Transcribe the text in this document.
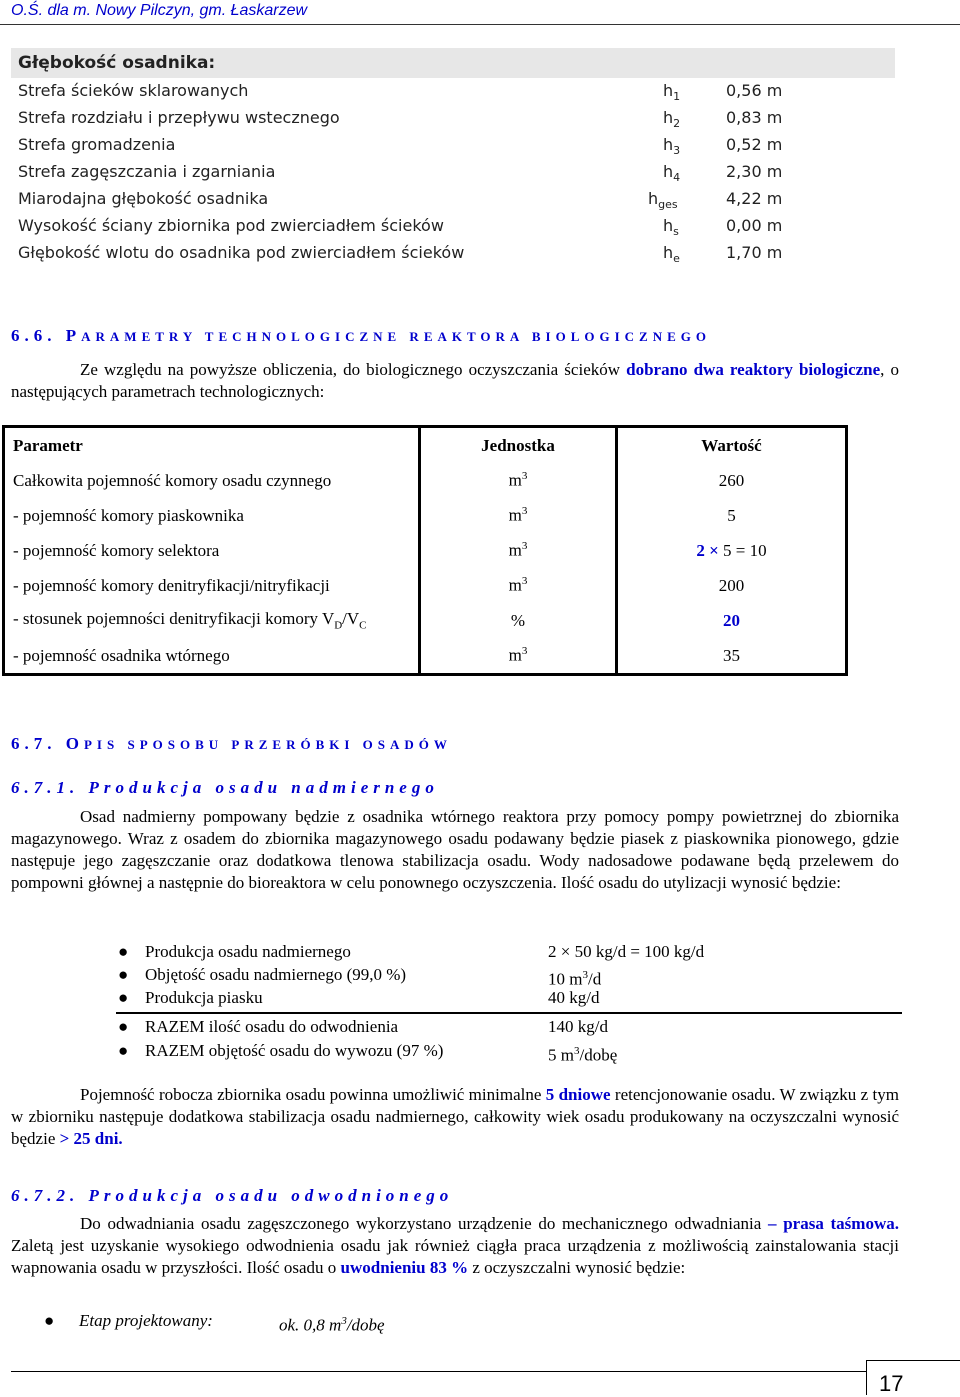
O.Ś. dla m. Nowy Pilczyn, gm. Łaskarzew
Głębokość osadnika:
Strefa ścieków sklarowanych	$h_1$	0,56 m
Strefa rozdziału i przepływu wstecznego	$h_2$	0,83 m
Strefa gromadzenia	$h_3$	0,52 m
Strefa zagęszczania i zgarniania	$h_4$	2,30 m
Miarodajna głębokość osadnika	$h_{ges}$	4,22 m
Wysokość ściany zbiornika pod zwierciadłem ścieków	$h_s$	0,00 m
Głębokość wlotu do osadnika pod zwierciadłem ścieków	$h_e$	1,70 m
6.6. PARAMETRY TECHNOLOGICZNE REAKTORA BIOLOGICZNEGO
Ze względu na powyższe obliczenia, do biologicznego oczyszczania ścieków dobrano dwa reaktory biologiczne, o następujących parametrach technologicznych:
Parametr	Jednostka	Wartość
Całkowita pojemność komory osadu czynnego	$m^3$	260
- pojemność komory piaskownika	$m^3$	5
- pojemność komory selektora	$m^3$	2 × 5 = 10
- pojemność komory denitryfikacji/nitryfikacji	$m^3$	200
- stosunek pojemności denitryfikacji komory $V_D/V_C$	%	20
- pojemność osadnika wtórnego	$m^3$	35
6.7. OPIS SPOSOBU PRZERÓBKI OSADÓW
6.7.1. Produkcja osadu nadmiernego
Osad nadmierny pompowany będzie z osadnika wtórnego reaktora przy pomocy pompy powietrznej do zbiornika magazynowego. Wraz z osadem do zbiornika magazynowego osadu podawany będzie piasek z piaskownika pionowego, gdzie następuje jego zagęszczanie oraz dodatkowa tlenowa stabilizacja osadu. Wody nadosadowe podawane będą przelewem do pompowni głównej a następnie do bioreaktora w celu ponownego oczyszczenia. Ilość osadu do utylizacji wynosić będzie:
● Produkcja osadu nadmiernego	2 × 50 kg/d = 100 kg/d
● Objętość osadu nadmiernego (99,0 %)	10 $m^3/d$
● Produkcja piasku	40 kg/d
● RAZEM ilość osadu do odwodnienia	140 kg/d
● RAZEM objętość osadu do wywozu (97 %)	5 $m^3$/dobę
Pojemność robocza zbiornika osadu powinna umożliwić minimalne 5 dniowe retencjonowanie osadu. W związku z tym w zbiorniku następuje dodatkowa stabilizacja osadu nadmiernego, całkowity wiek osadu produkowany na oczyszczalni wynosić będzie > 25 dni.
6.7.2. Produkcja osadu odwodnionego
Do odwadniania osadu zagęszczonego wykorzystano urządzenie do mechanicznego odwadniania – prasa taśmowa. Zaletą jest uzyskanie wysokiego odwodnienia osadu jak również ciągła praca urządzenia z możliwością zainstalowania stacji wapnowania osadu w przyszłości. Ilość osadu o uwodnieniu 83 % z oczyszczalni wynosić będzie:
● Etap projektowany:	ok. 0,8 $m^3$/dobę
17
